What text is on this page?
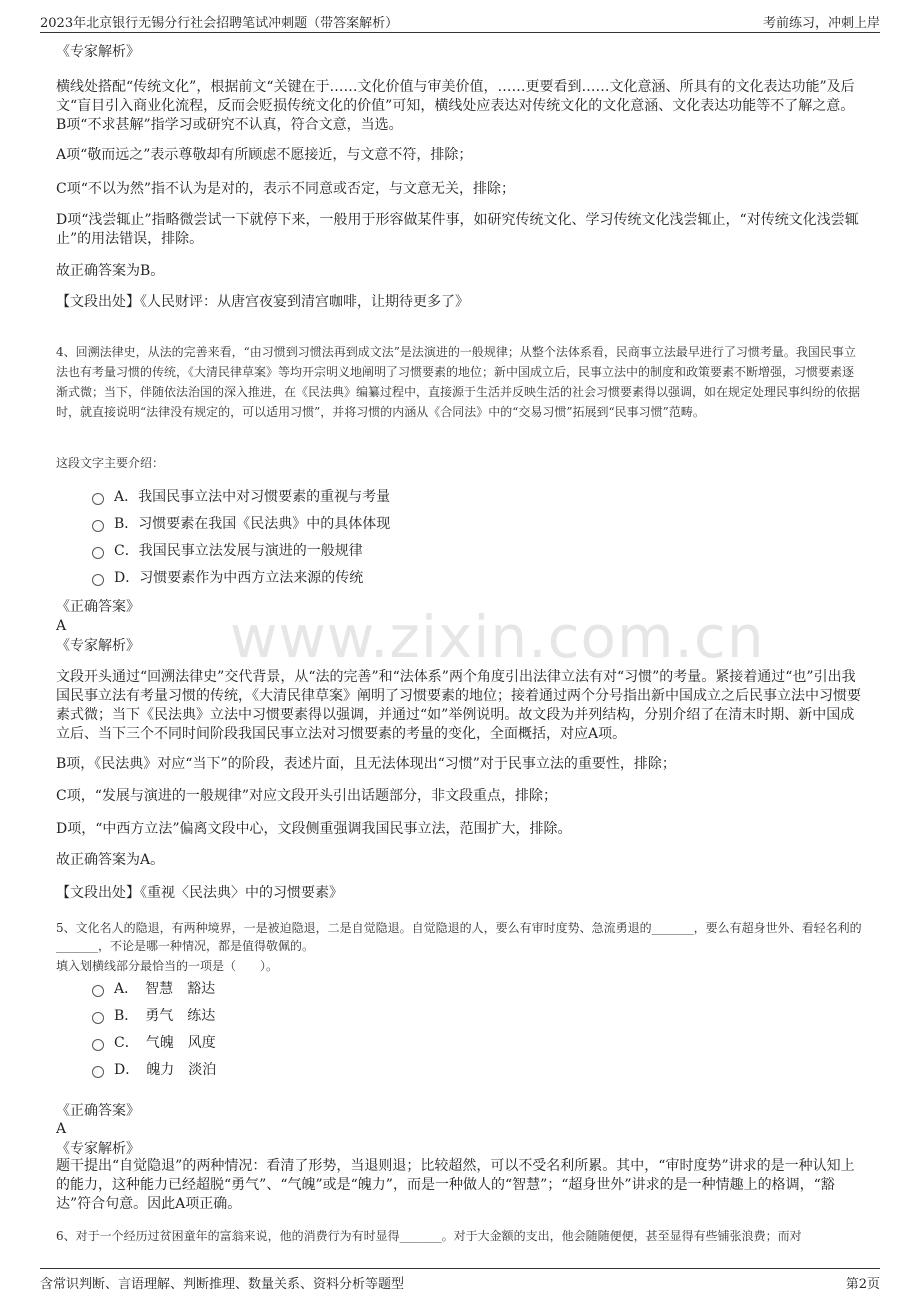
2023年北京银行无锡分行社会招聘笔试冲刺题（带答案解析）	考前练习，冲刺上岸
www.zixin.com.cn
《专家解析》
横线处搭配“传统文化”，根据前文“关键在于……文化价值与审美价值，……更要看到……文化意涵、所具有的文化表达功能”及后文“盲目引入商业化流程，反而会贬损传统文化的价值”可知，横线处应表达对传统文化的文化意涵、文化表达功能等不了解之意。B项“不求甚解”指学习或研究不认真，符合文意，当选。
A项“敬而远之”表示尊敬却有所顾虑不愿接近，与文意不符，排除；
C项“不以为然”指不认为是对的，表示不同意或否定，与文意无关，排除；
D项“浅尝辄止”指略微尝试一下就停下来，一般用于形容做某件事，如研究传统文化、学习传统文化浅尝辄止，“对传统文化浅尝辄止”的用法错误，排除。
故正确答案为B。
【文段出处】《人民财评：从唐宫夜宴到清宫咖啡，让期待更多了》
4、回溯法律史，从法的完善来看，“由习惯到习惯法再到成文法”是法演进的一般规律；从整个法体系看，民商事立法最早进行了习惯考量。我国民事立法也有考量习惯的传统，《大清民律草案》等均开宗明义地阐明了习惯要素的地位；新中国成立后，民事立法中的制度和政策要素不断增强，习惯要素逐渐式微；当下，伴随依法治国的深入推进，在《民法典》编纂过程中，直接源于生活并反映生活的社会习惯要素得以强调，如在规定处理民事纠纷的依据时，就直接说明“法律没有规定的，可以适用习惯”，并将习惯的内涵从《合同法》中的“交易习惯”拓展到“民事习惯”范畴。
这段文字主要介绍：
A．我国民事立法中对习惯要素的重视与考量
B．习惯要素在我国《民法典》中的具体体现
C．我国民事立法发展与演进的一般规律
D．习惯要素作为中西方立法来源的传统
《正确答案》
A
《专家解析》
文段开头通过“回溯法律史”交代背景，从“法的完善”和“法体系”两个角度引出法律立法有对“习惯”的考量。紧接着通过“也”引出我国民事立法有考量习惯的传统，《大清民律草案》阐明了习惯要素的地位；接着通过两个分号指出新中国成立之后民事立法中习惯要素式微；当下《民法典》立法中习惯要素得以强调，并通过“如”举例说明。故文段为并列结构，分别介绍了在清末时期、新中国成立后、当下三个不同时间阶段我国民事立法对习惯要素的考量的变化，全面概括，对应A项。
B项，《民法典》对应“当下”的阶段，表述片面，且无法体现出“习惯”对于民事立法的重要性，排除；
C项，“发展与演进的一般规律”对应文段开头引出话题部分，非文段重点，排除；
D项，“中西方立法”偏离文段中心，文段侧重强调我国民事立法，范围扩大，排除。
故正确答案为A。
【文段出处】《重视〈民法典〉中的习惯要素》
5、文化名人的隐退，有两种境界，一是被迫隐退，二是自觉隐退。自觉隐退的人，要么有审时度势、急流勇退的_______，要么有超身世外、看轻名利的_______，不论是哪一种情况，都是值得敬佩的。
填入划横线部分最恰当的一项是（　　）。
A．　智慧　豁达
B．　勇气　练达
C．　气魄　风度
D．　魄力　淡泊
《正确答案》
A
《专家解析》
题干提出“自觉隐退”的两种情况：看清了形势，当退则退；比较超然，可以不受名利所累。其中，“审时度势”讲求的是一种认知上的能力，这种能力已经超脱“勇气”、“气魄”或是“魄力”，而是一种做人的“智慧”；“超身世外”讲求的是一种情趣上的格调，“豁达”符合句意。因此A项正确。
6、对于一个经历过贫困童年的富翁来说，他的消费行为有时显得_______。对于大金额的支出，他会随随便便，甚至显得有些铺张浪费；而对
含常识判断、言语理解、判断推理、数量关系、资料分析等题型	第2页
